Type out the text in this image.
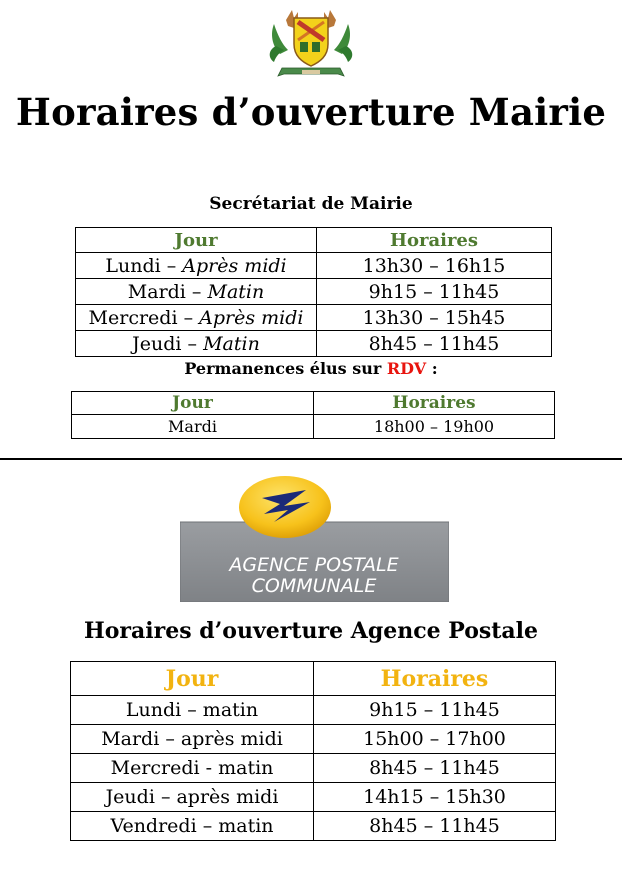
Horaires d’ouverture Mairie
Secrétariat de Mairie
Jour	Horaires
Lundi – Après midi	13h30 – 16h15
Mardi – Matin	9h15 – 11h45
Mercredi – Après midi	13h30 – 15h45
Jeudi – Matin	8h45 – 11h45
Permanences élus sur RDV :
Jour	Horaires
Mardi	18h00 – 19h00
AGENCE POSTALE
COMMUNALE
Horaires d’ouverture Agence Postale
Jour	Horaires
Lundi – matin	9h15 – 11h45
Mardi – après midi	15h00 – 17h00
Mercredi - matin	8h45 – 11h45
Jeudi – après midi	14h15 – 15h30
Vendredi – matin	8h45 – 11h45
